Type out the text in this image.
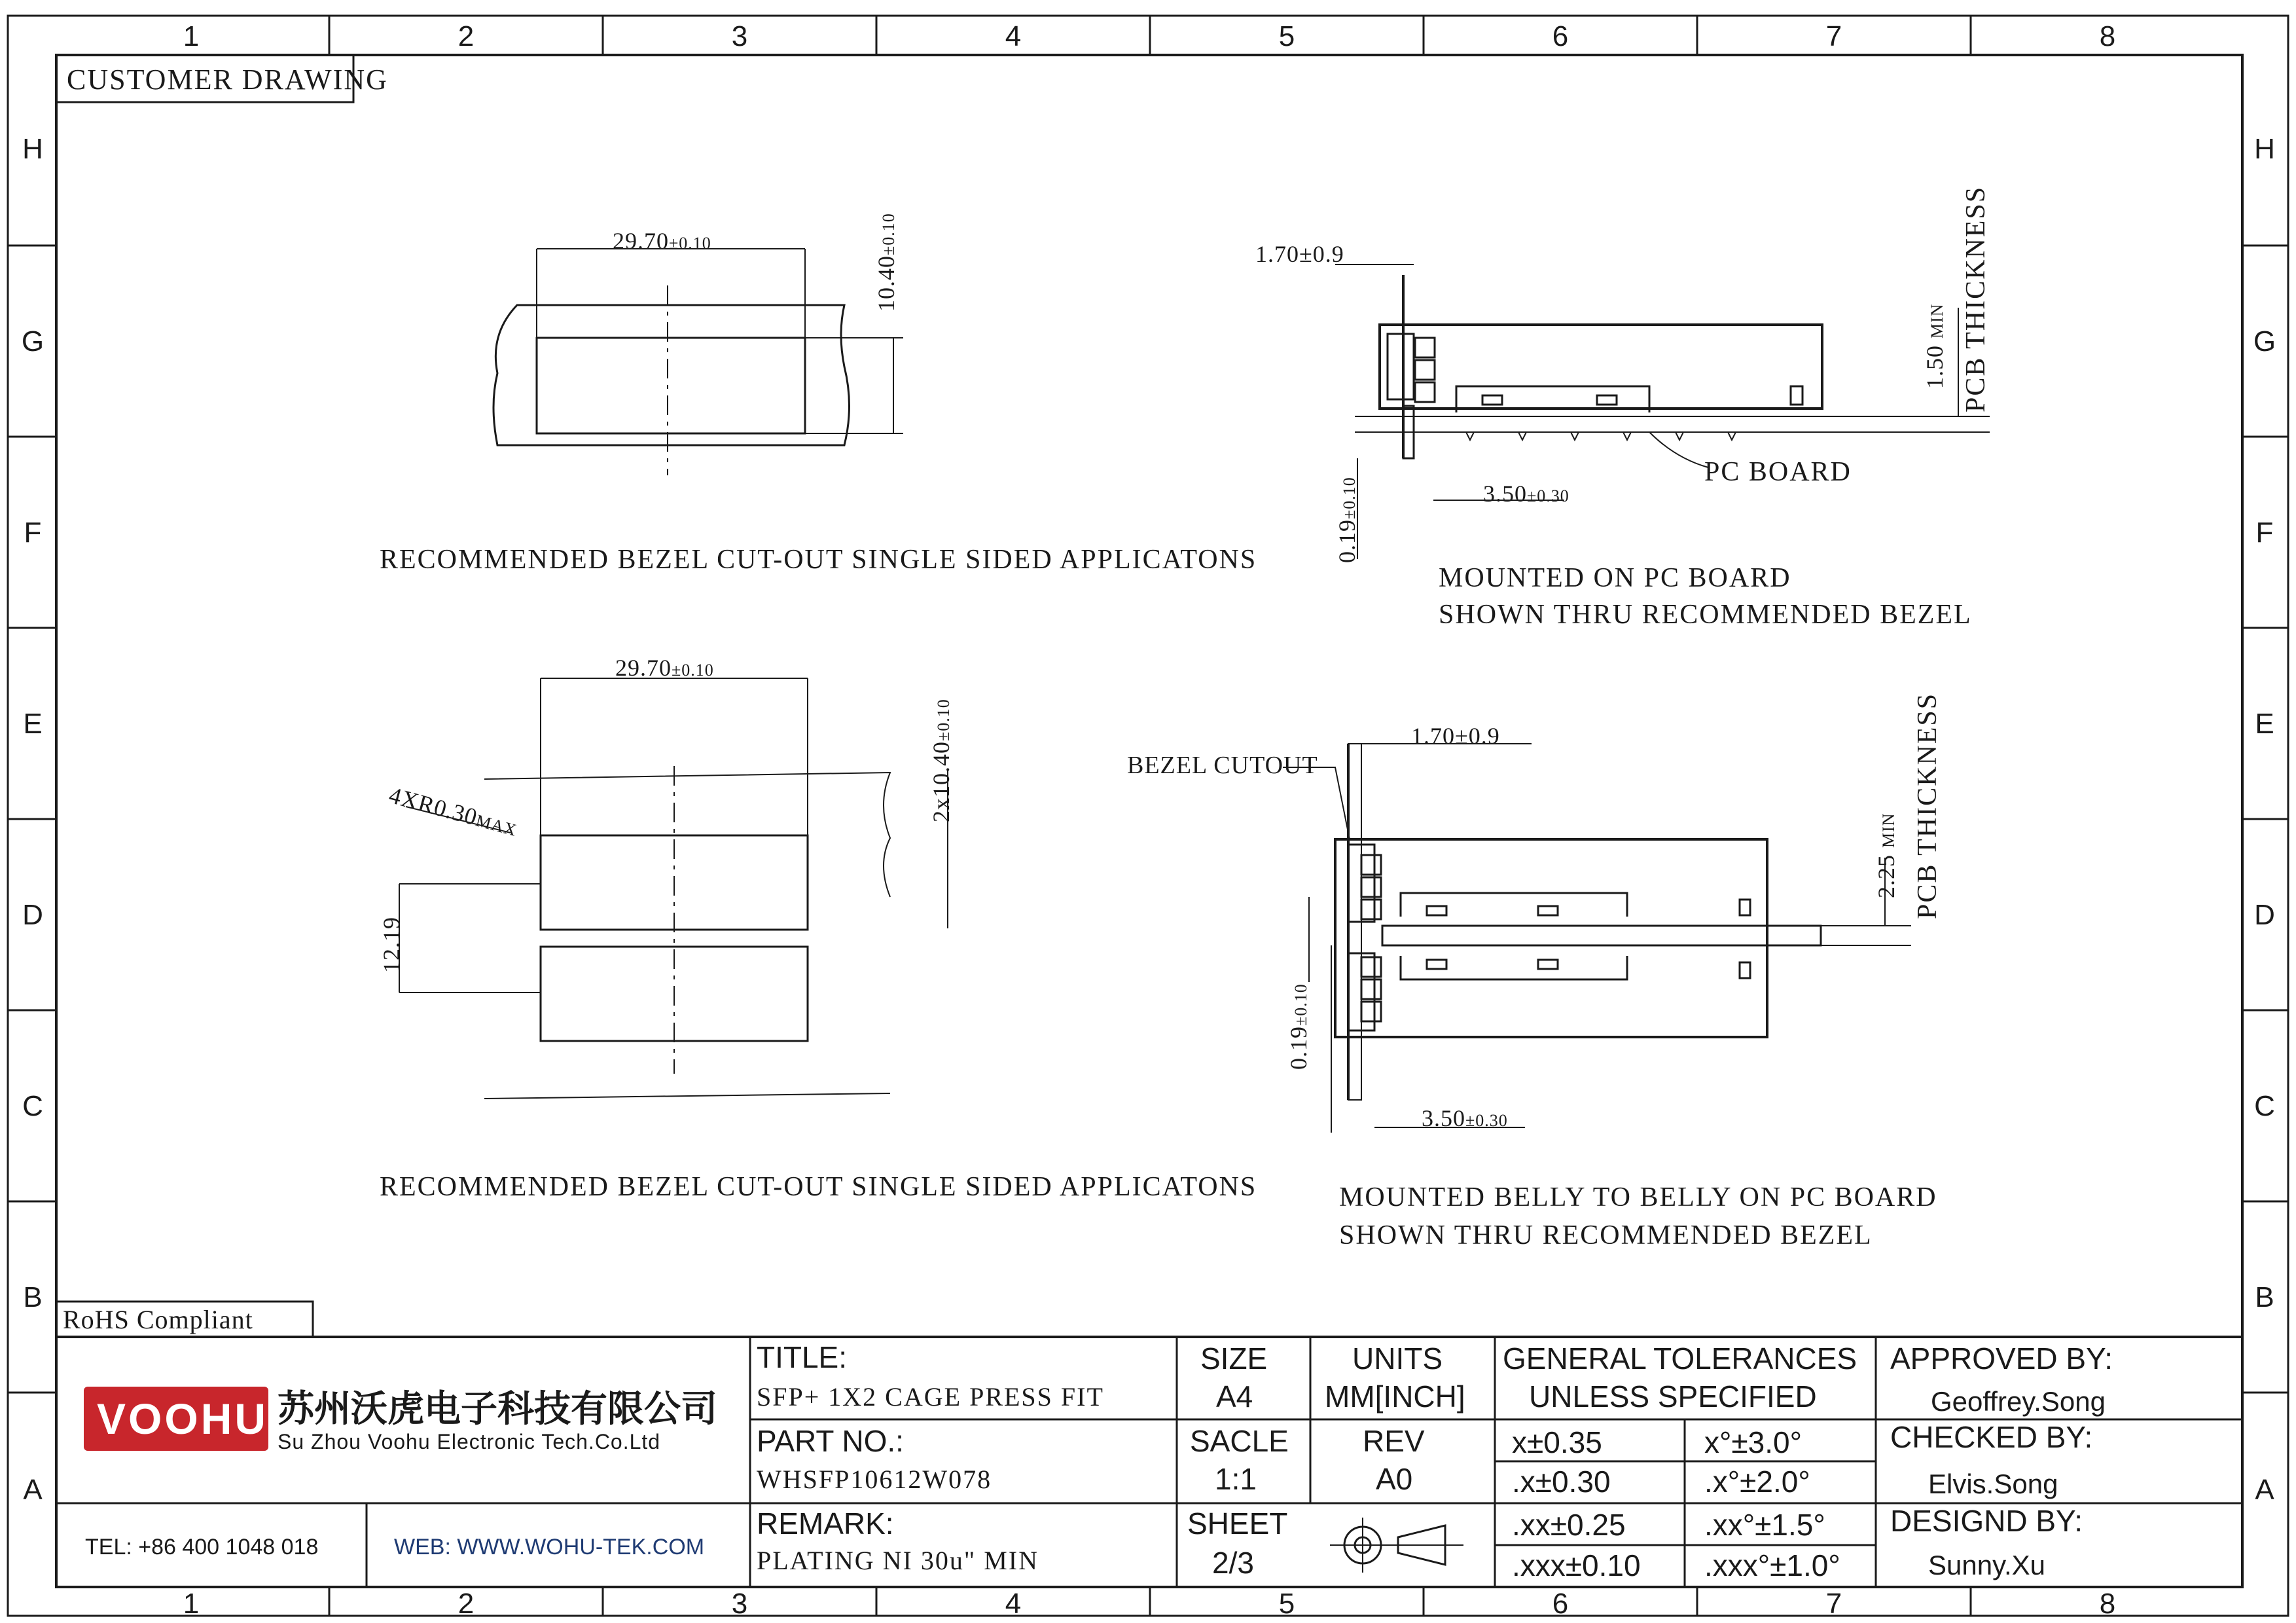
1	2	3	4	5	6	7	8
1	2	3	4	5	6	7	8
H
G
F
E
D
C
B
A
H
G
F
E
D
C
B
A
CUSTOMER DRAWING
29.70±0.10
10.40±0.10
RECOMMENDED BEZEL CUT-OUT SINGLE SIDED APPLICATONS
1.70±0.9
1.50 MIN PCB THICKNESS
PC BOARD
3.50±0.30
0.19±0.10
MOUNTED ON PC BOARD
SHOWN THRU RECOMMENDED BEZEL
29.70±0.10
2x10.40±0.10
4XR0.30MAX
12.19
RECOMMENDED BEZEL CUT-OUT SINGLE SIDED APPLICATONS
BEZEL CUTOUT
1.70±0.9
2.25 MIN PCB THICKNESS
0.19±0.10
3.50±0.30
MOUNTED BELLY TO BELLY ON PC BOARD
SHOWN THRU RECOMMENDED BEZEL
RoHS Compliant
VOOHU 苏州沃虎电子科技有限公司
Su Zhou Voohu Electronic Tech.Co.Ltd
TEL: +86 400 1048 018	WEB: WWW.WOHU-TEK.COM
TITLE:
SFP+ 1X2 CAGE PRESS FIT
PART NO.:
WHSFP10612W078
REMARK:
PLATING NI 30u" MIN
SIZE
A4
UNITS
MM[INCH]
SACLE
1:1
REV
A0
SHEET
2/3
GENERAL TOLERANCES
UNLESS SPECIFIED
x±0.35	x°±3.0°
.x±0.30	.x°±2.0°
.xx±0.25	.xx°±1.5°
.xxx±0.10 .xxx°±1.0°
APPROVED BY:
Geoffrey.Song
CHECKED BY:
Elvis.Song
DESIGND BY:
Sunny.Xu
